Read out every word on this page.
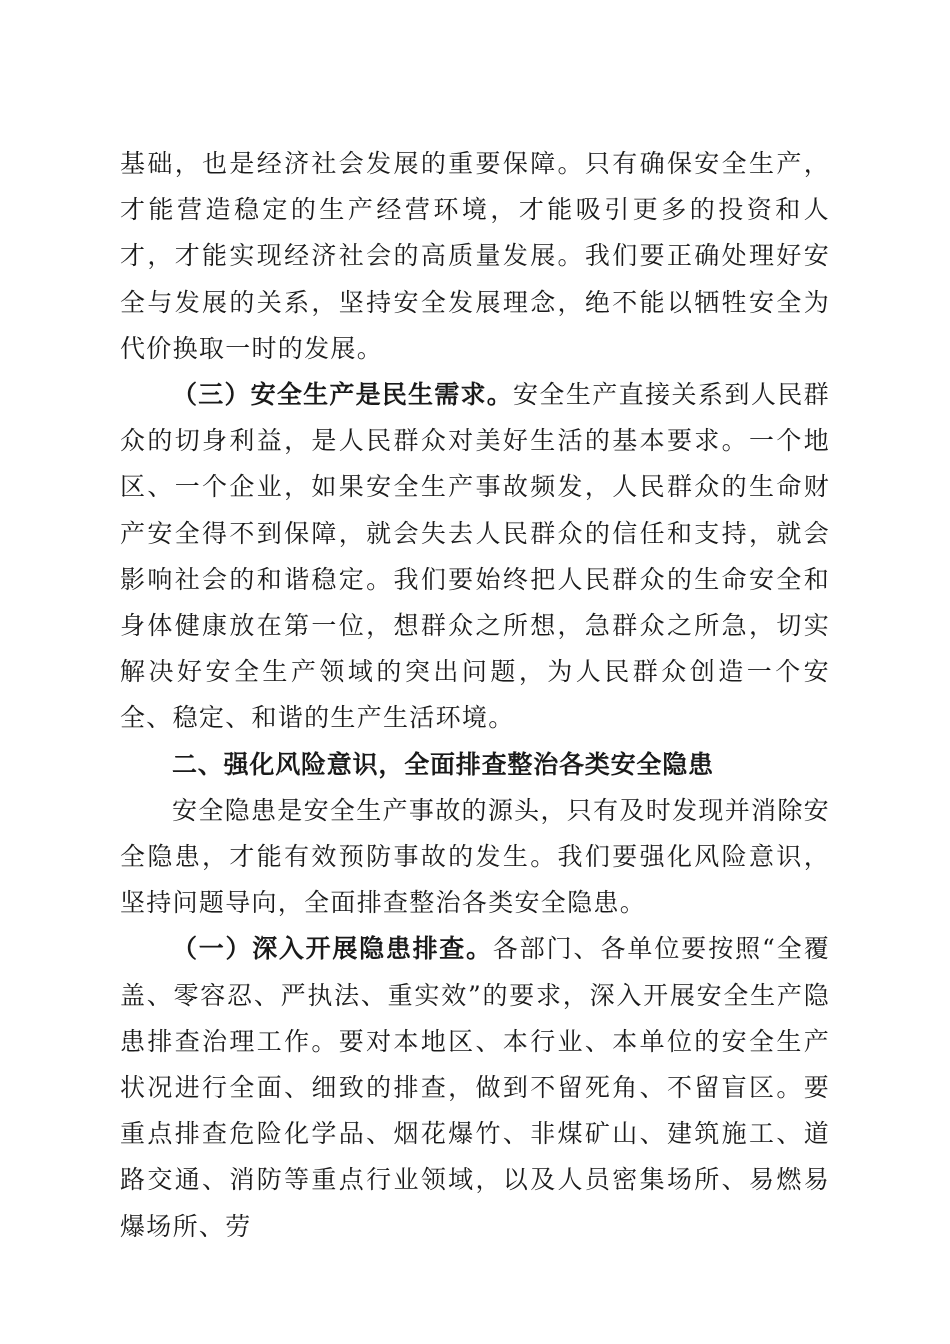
基础，也是经济社会发展的重要保障。只有确保安全生产，才能营造稳定的生产经营环境，才能吸引更多的投资和人才，才能实现经济社会的高质量发展。我们要正确处理好安全与发展的关系，坚持安全发展理念，绝不能以牺牲安全为代价换取一时的发展。

（三）安全生产是民生需求。安全生产直接关系到人民群众的切身利益，是人民群众对美好生活的基本要求。一个地区、一个企业，如果安全生产事故频发，人民群众的生命财产安全得不到保障，就会失去人民群众的信任和支持，就会影响社会的和谐稳定。我们要始终把人民群众的生命安全和身体健康放在第一位，想群众之所想，急群众之所急，切实解决好安全生产领域的突出问题，为人民群众创造一个安全、稳定、和谐的生产生活环境。

二、强化风险意识，全面排查整治各类安全隐患

安全隐患是安全生产事故的源头，只有及时发现并消除安全隐患，才能有效预防事故的发生。我们要强化风险意识，坚持问题导向，全面排查整治各类安全隐患。

（一）深入开展隐患排查。各部门、各单位要按照“全覆盖、零容忍、严执法、重实效”的要求，深入开展安全生产隐患排查治理工作。要对本地区、本行业、本单位的安全生产状况进行全面、细致的排查，做到不留死角、不留盲区。要重点排查危险化学品、烟花爆竹、非煤矿山、建筑施工、道路交通、消防等重点行业领域，以及人员密集场所、易燃易爆场所、劳
